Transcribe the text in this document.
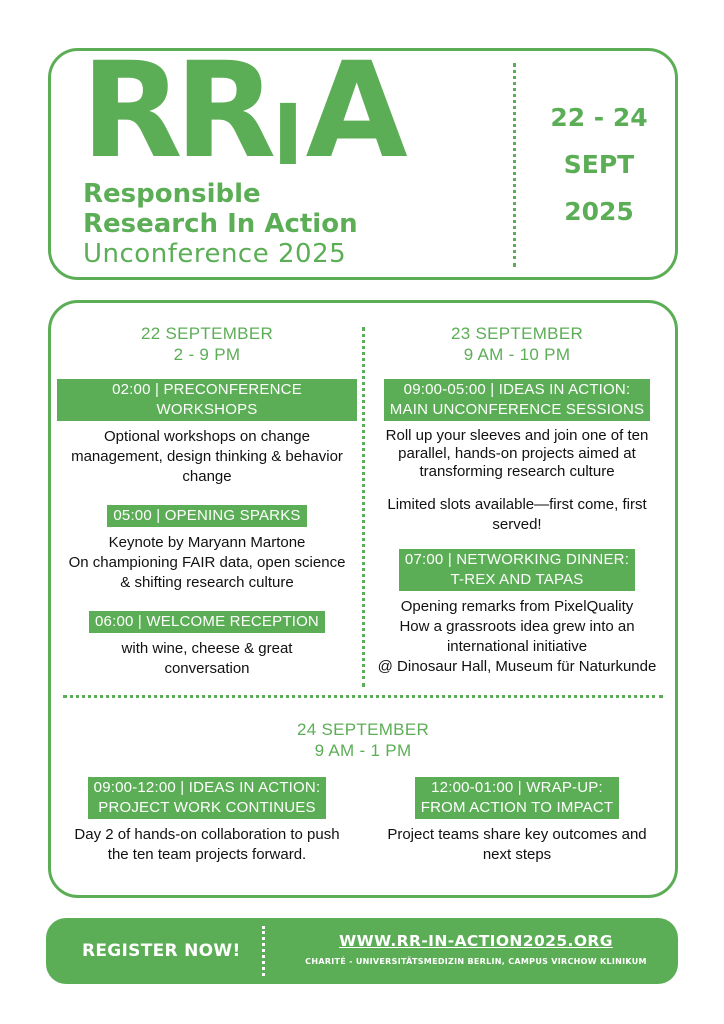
R R I A
Responsible
Research In Action
Unconference 2025
22 - 24
SEPT
2025
22 SEPTEMBER
2 - 9 PM
02:00 | PRECONFERENCE WORKSHOPS
Optional workshops on change
management, design thinking & behavior
change
05:00 | OPENING SPARKS
Keynote by Maryann Martone
On championing FAIR data, open science
& shifting research culture
06:00 | WELCOME RECEPTION
with wine, cheese & great
conversation
23 SEPTEMBER
9 AM - 10 PM
09:00-05:00 | IDEAS IN ACTION:
MAIN UNCONFERENCE SESSIONS
Roll up your sleeves and join one of ten
parallel, hands-on projects aimed at
transforming research culture
Limited slots available—first come, first
served!
07:00 | NETWORKING DINNER:
T-REX AND TAPAS
Opening remarks from PixelQuality
How a grassroots idea grew into an
international initiative
@ Dinosaur Hall, Museum für Naturkunde
24 SEPTEMBER
9 AM - 1 PM
09:00-12:00 | IDEAS IN ACTION:
PROJECT WORK CONTINUES
Day 2 of hands-on collaboration to push
the ten team projects forward.
12:00-01:00 | WRAP-UP:
FROM ACTION TO IMPACT
Project teams share key outcomes and
next steps
REGISTER NOW!	WWW.RR-IN-ACTION2025.ORG
CHARITÉ - UNIVERSITÄTSMEDIZIN BERLIN, CAMPUS VIRCHOW KLINIKUM
